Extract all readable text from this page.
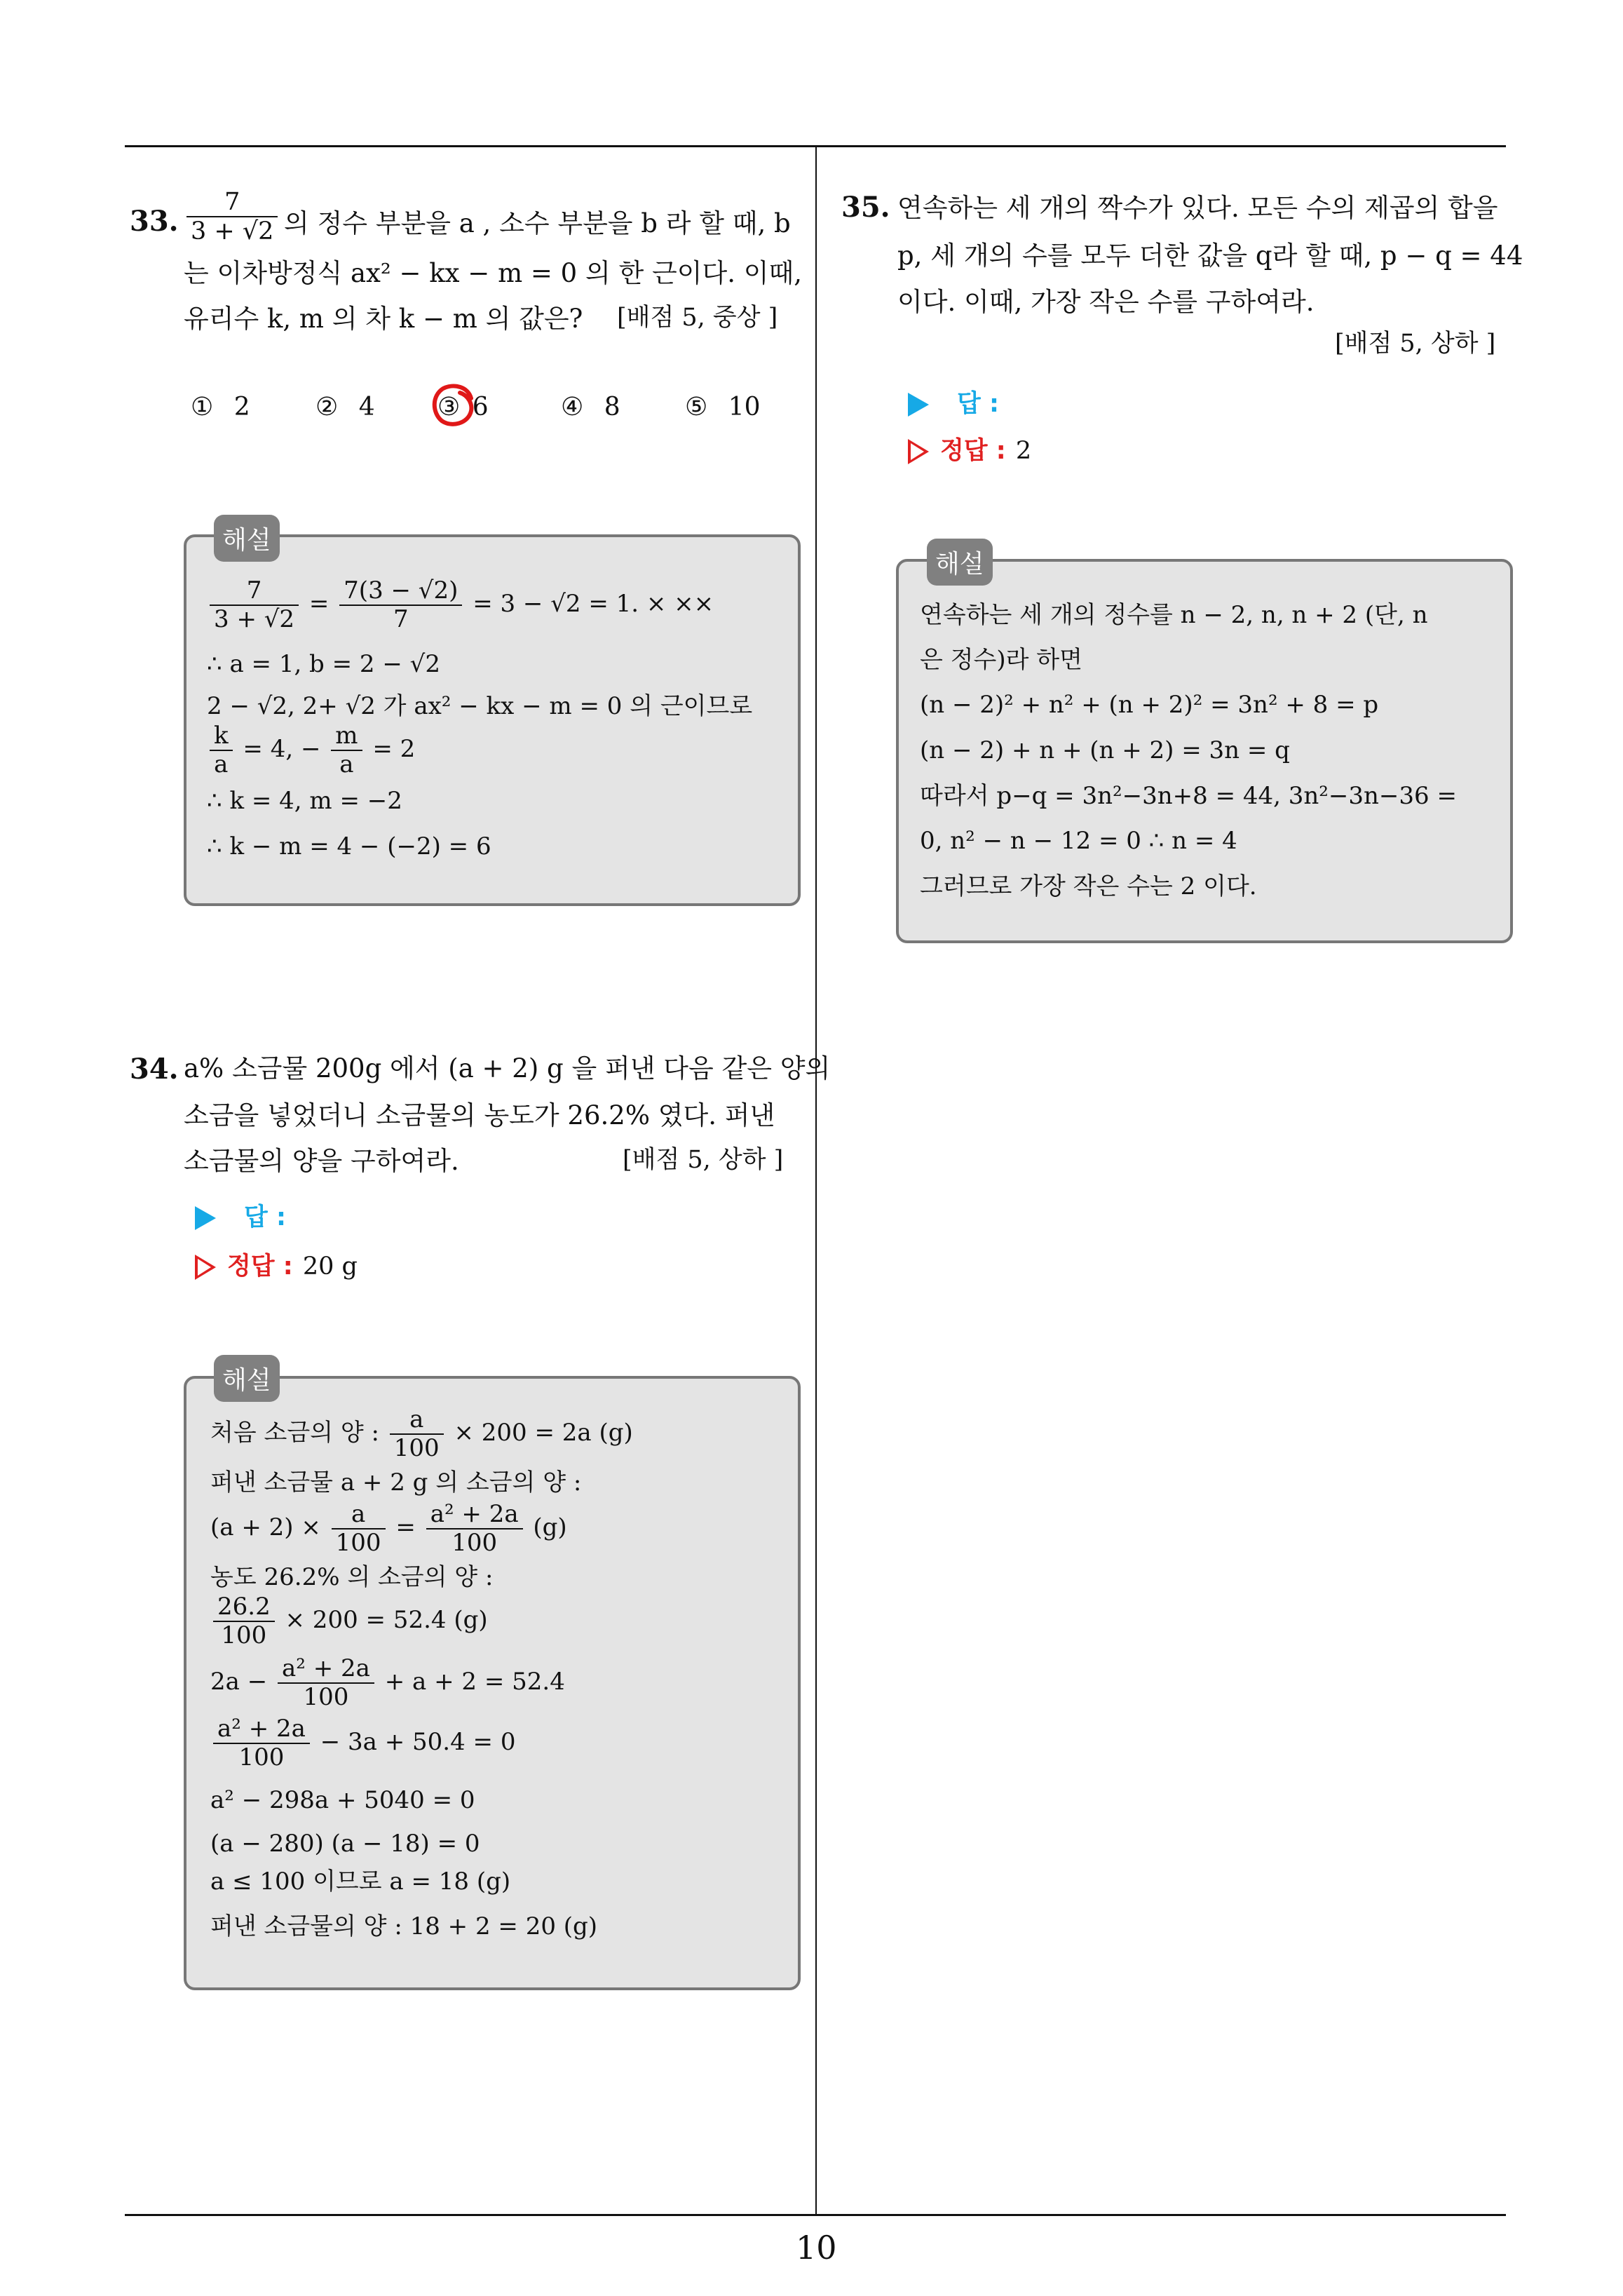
10
33. $\frac{7}{3 + √2}$ 의 정수 부분을 a , 소수 부분을 b 라 할 때, b
는 이차방정식 ax² − kx − m = 0 의 한 근이다. 이때,
유리수 k, m 의 차 k − m 의 값은? [배점 5, 중상 ]
① 2	② 4 ③ 6	④ 8	⑤ 10
해설
$\frac{7}{3 + √2} = \frac{7(3 - √2)}{7} = 3 - √2 = 1$. × ××
∴ a = 1, b = 2 − √2
2 − √2, 2+ √2 가 ax² − kx − m = 0 의 근이므로
$\frac{k}{a} = 4$, − $\frac{m}{a} = 2$
∴ k = 4, m = −2
∴ k − m = 4 − (−2) = 6
34. a% 소금물 200g 에서 (a + 2) g 을 퍼낸 다음 같은 양의
소금을 넣었더니 소금물의 농도가 26.2% 였다. 퍼낸
소금물의 양을 구하여라.	[배점 5, 상하 ]
답 :
정답 : 20 g
해설
처음 소금의 양 : $\frac{a}{100} \times 200 = 2a$ (g)
퍼낸 소금물 a + 2 g 의 소금의 양 :
$(a + 2) \times \frac{a}{100} = \frac{\text{a² + 2a}}{100} (g)$
농도 26.2% 의 소금의 양 :
$\frac{26.2}{100} \times 200 = 52.4$ (g)
$2a - \frac{\text{a² + 2a}}{100} + a + 2 = 52.4$
$\frac{\text{a² + 2a}}{100} - 3a + 50.4 = 0$
a² − 298a + 5040 = 0
(a − 280) (a − 18) = 0
a ≤ 100 이므로 a = 18 (g)
퍼낸 소금물의 양 : 18 + 2 = 20 (g)
35. 연속하는 세 개의 짝수가 있다. 모든 수의 제곱의 합을
p, 세 개의 수를 모두 더한 값을 q라 할 때, p − q = 44
이다. 이때, 가장 작은 수를 구하여라.
[배점 5, 상하 ]
답 :
정답 : 2
해설
연속하는 세 개의 정수를 n − 2, n, n + 2 (단, n
은 정수)라 하면
(n − 2)² + n² + (n + 2)² = 3n² + 8 = p
(n − 2) + n + (n + 2) = 3n = q
따라서 p−q = 3n²−3n+8 = 44, 3n²−3n−36 =
0, n² − n − 12 = 0 ∴ n = 4
그러므로 가장 작은 수는 2 이다.
